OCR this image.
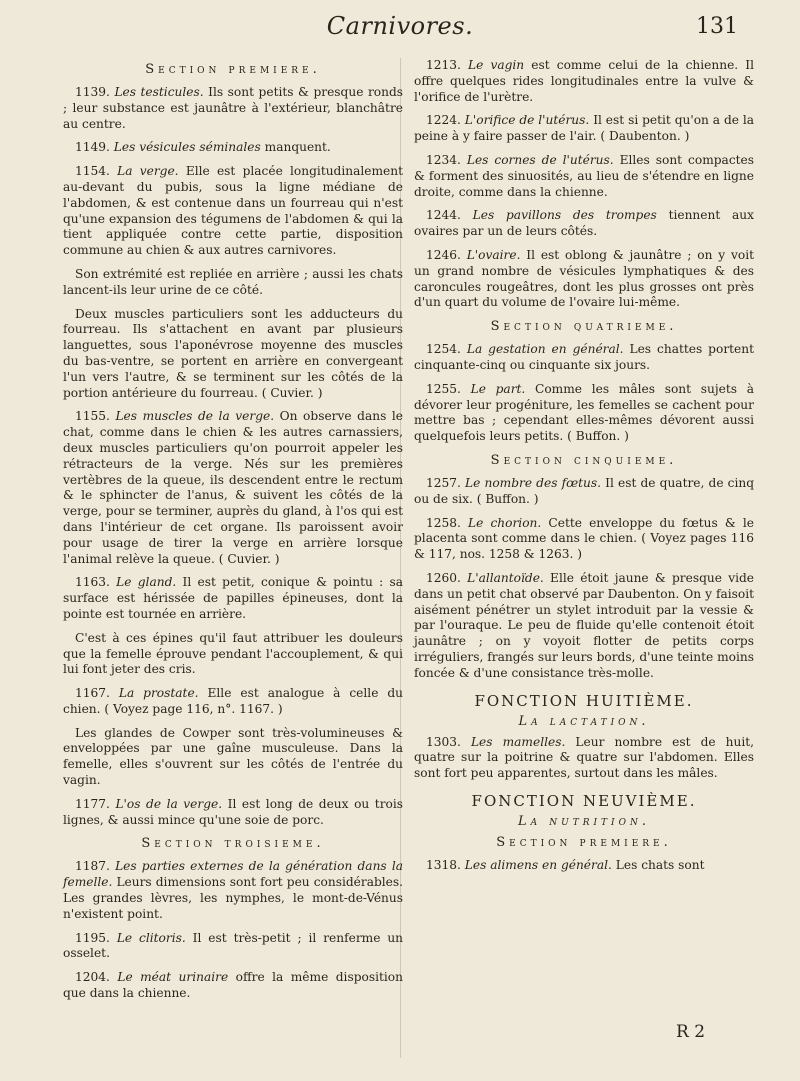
Carnivores.	131
Section premiere.

1139. Les testicules. Ils sont petits & presque ronds ; leur substance est jaunâtre à l'extérieur, blanchâtre au centre.

1149. Les vésicules séminales manquent.

1154. La verge. Elle est placée longitudinalement au-devant du pubis, sous la ligne médiane de l'abdomen, & est contenue dans un fourreau qui n'est qu'une expansion des tégumens de l'abdomen & qui la tient appliquée contre cette partie, disposition commune au chien & aux autres carnivores.

Son extrémité est repliée en arrière ; aussi les chats lancent-ils leur urine de ce côté.

Deux muscles particuliers sont les adducteurs du fourreau. Ils s'attachent en avant par plusieurs languettes, sous l'aponévrose moyenne des muscles du bas-ventre, se portent en arrière en convergeant l'un vers l'autre, & se terminent sur les côtés de la portion antérieure du fourreau. ( Cuvier. )

1155. Les muscles de la verge. On observe dans le chat, comme dans le chien & les autres carnassiers, deux muscles particuliers qu'on pourroit appeler les rétracteurs de la verge. Nés sur les premières vertèbres de la queue, ils descendent entre le rectum & le sphincter de l'anus, & suivent les côtés de la verge, pour se terminer, auprès du gland, à l'os qui est dans l'intérieur de cet organe. Ils paroissent avoir pour usage de tirer la verge en arrière lorsque l'animal relève la queue. ( Cuvier. )

1163. Le gland. Il est petit, conique & pointu : sa surface est hérissée de papilles épineuses, dont la pointe est tournée en arrière.

C'est à ces épines qu'il faut attribuer les douleurs que la femelle éprouve pendant l'accouplement, & qui lui font jeter des cris.

1167. La prostate. Elle est analogue à celle du chien. ( Voyez page 116, n°. 1167. )

Les glandes de Cowper sont très-volumineuses & enveloppées par une gaîne musculeuse. Dans la femelle, elles s'ouvrent sur les côtés de l'entrée du vagin.

1177. L'os de la verge. Il est long de deux ou trois lignes, & aussi mince qu'une soie de porc.

Section troisieme.

1187. Les parties externes de la génération dans la femelle. Leurs dimensions sont fort peu considérables. Les grandes lèvres, les nymphes, le mont-de-Vénus n'existent point.

1195. Le clitoris. Il est très-petit ; il renferme un osselet.

1204. Le méat urinaire offre la même disposition que dans la chienne.

1213. Le vagin est comme celui de la chienne. Il offre quelques rides longitudinales entre la vulve & l'orifice de l'urètre.

1224. L'orifice de l'utérus. Il est si petit qu'on a de la peine à y faire passer de l'air. ( Daubenton. )

1234. Les cornes de l'utérus. Elles sont compactes & forment des sinuosités, au lieu de s'étendre en ligne droite, comme dans la chienne.

1244. Les pavillons des trompes tiennent aux ovaires par un de leurs côtés.

1246. L'ovaire. Il est oblong & jaunâtre ; on y voit un grand nombre de vésicules lymphatiques & des caroncules rougeâtres, dont les plus grosses ont près d'un quart du volume de l'ovaire lui-même.

Section quatrieme.

1254. La gestation en général. Les chattes portent cinquante-cinq ou cinquante six jours.

1255. Le part. Comme les mâles sont sujets à dévorer leur progéniture, les femelles se cachent pour mettre bas ; cependant elles-mêmes dévorent aussi quelquefois leurs petits. ( Buffon. )

Section cinquieme.

1257. Le nombre des fœtus. Il est de quatre, de cinq ou de six. ( Buffon. )

1258. Le chorion. Cette enveloppe du fœtus & le placenta sont comme dans le chien. ( Voyez pages 116 & 117, nos. 1258 & 1263. )

1260. L'allantoïde. Elle étoit jaune & presque vide dans un petit chat observé par Daubenton. On y faisoit aisément pénétrer un stylet introduit par la vessie & par l'ouraque. Le peu de fluide qu'elle contenoit étoit jaunâtre ; on y voyoit flotter de petits corps irréguliers, frangés sur leurs bords, d'une teinte moins foncée & d'une consistance très-molle.

FONCTION HUITIÈME.
La lactation.

1303. Les mamelles. Leur nombre est de huit, quatre sur la poitrine & quatre sur l'abdomen. Elles sont fort peu apparentes, surtout dans les mâles.

FONCTION NEUVIÈME.
La nutrition.
Section premiere.

1318. Les alimens en général. Les chats sont

R 2
